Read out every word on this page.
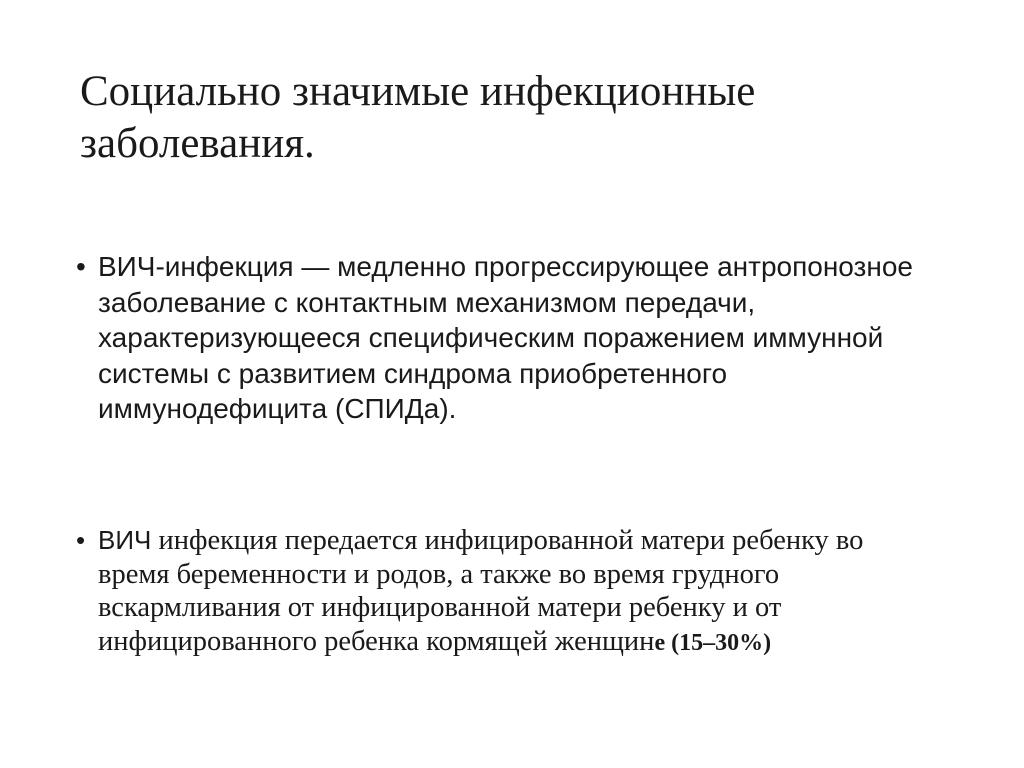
Социально значимые инфекционные заболевания.
• ВИЧ-инфекция — медленно прогрессирующее антропонозное заболевание с контактным механизмом передачи, характеризующееся специфическим поражением иммунной системы с развитием синдрома приобретенного иммунодефицита (СПИДа).

• ВИЧ инфекция передается инфицированной матери ребенку во время беременности и родов, а также во время грудного вскармливания от инфицированной матери ребенку и от инфицированного ребенка кормящей женщине (15–30%)
